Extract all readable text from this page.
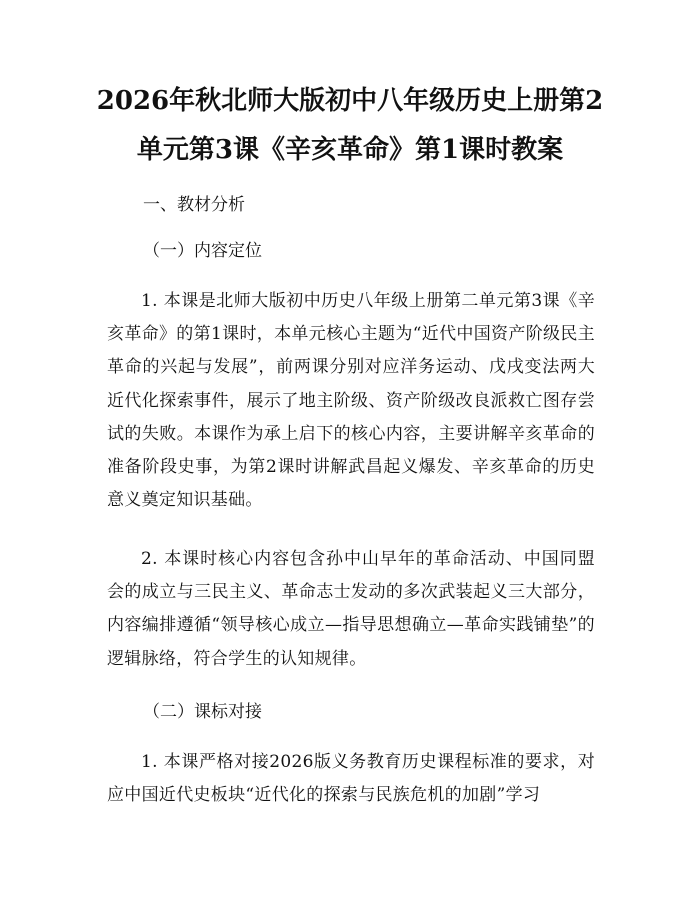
2026年秋北师大版初中八年级历史上册第2
单元第3课《辛亥革命》第1课时教案
一、教材分析
（一）内容定位
1. 本课是北师大版初中历史八年级上册第二单元第3课《辛亥革命》的第1课时，本单元核心主题为“近代中国资产阶级民主革命的兴起与发展”，前两课分别对应洋务运动、戊戌变法两大近代化探索事件，展示了地主阶级、资产阶级改良派救亡图存尝试的失败。本课作为承上启下的核心内容，主要讲解辛亥革命的准备阶段史事，为第2课时讲解武昌起义爆发、辛亥革命的历史意义奠定知识基础。
2. 本课时核心内容包含孙中山早年的革命活动、中国同盟会的成立与三民主义、革命志士发动的多次武装起义三大部分，内容编排遵循“领导核心成立—指导思想确立—革命实践铺垫”的逻辑脉络，符合学生的认知规律。
（二）课标对接
1. 本课严格对接2026版义务教育历史课程标准的要求，对应中国近代史板块“近代化的探索与民族危机的加剧”学习
